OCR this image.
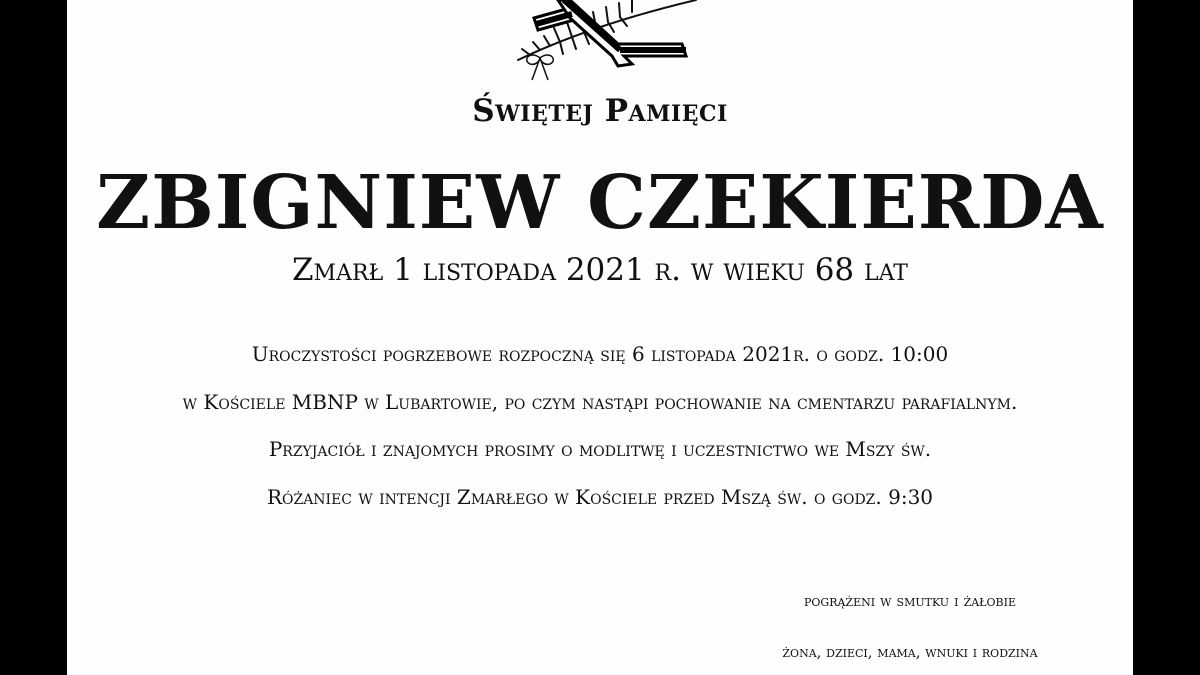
Świętej Pamięci
ZBIGNIEW CZEKIERDA
Zmarł 1 listopada 2021 r. w wieku 68 lat
Uroczystości pogrzebowe rozpoczną się 6 listopada 2021r. o godz. 10:00
w Kościele MBNP w Lubartowie, po czym nastąpi pochowanie na cmentarzu parafialnym.
Przyjaciół i znajomych prosimy o modlitwę i uczestnictwo we Mszy św.
Różaniec w intencji Zmarłego w Kościele przed Mszą św. o godz. 9:30
pogrążeni w smutku i żałobie
żona, dzieci, mama, wnuki i rodzina
